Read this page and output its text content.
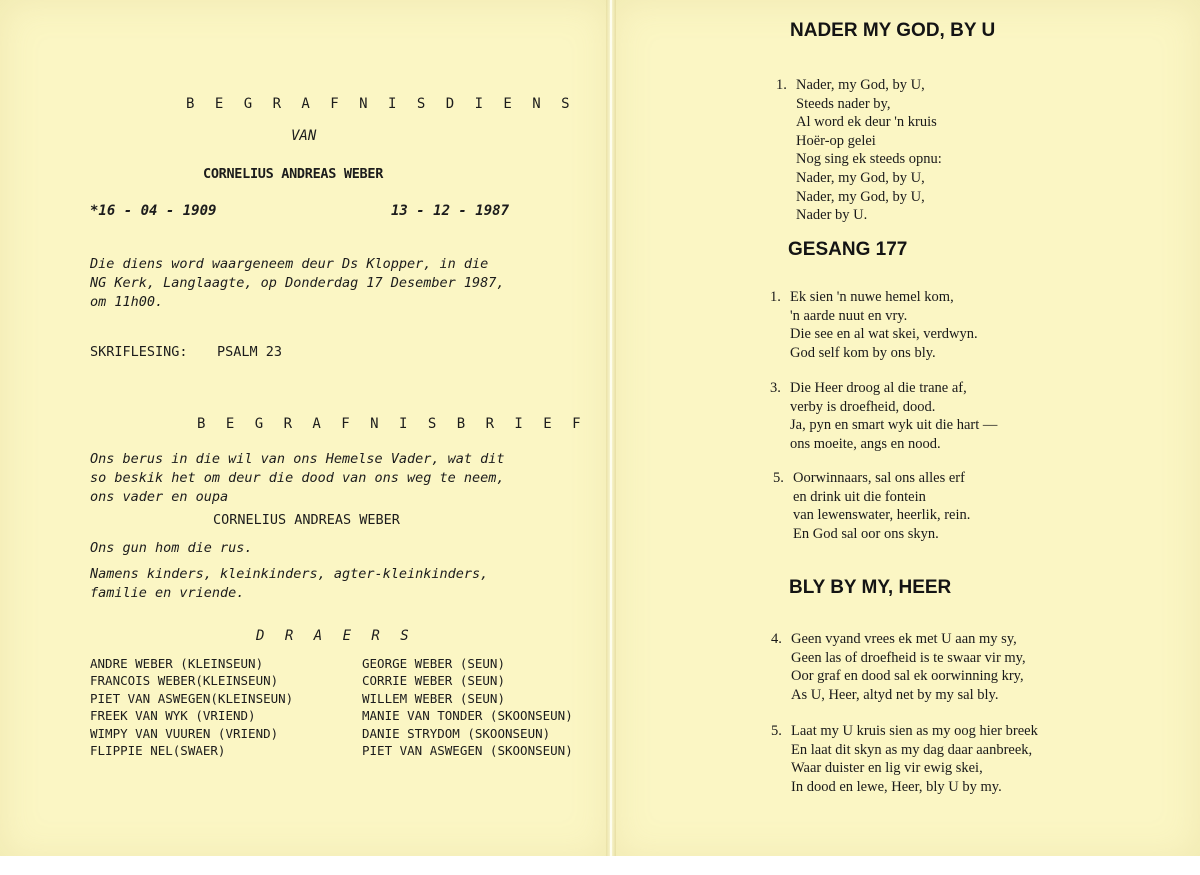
B E G R A F N I S D I E N S
VAN
CORNELIUS ANDREAS WEBER
*16 - 04 - 1909	13 - 12 - 1987
Die diens word waargeneem deur Ds Klopper, in die
NG Kerk, Langlaagte, op Donderdag 17 Desember 1987,
om 11h00.
SKRIFLESING: PSALM 23
B E G R A F N I S B R I E F
Ons berus in die wil van ons Hemelse Vader, wat dit
so beskik het om deur die dood van ons weg te neem,
ons vader en oupa
CORNELIUS ANDREAS WEBER
Ons gun hom die rus.
Namens kinders, kleinkinders, agter-kleinkinders,
familie en vriende.
D R A E R S
ANDRE WEBER (KLEINSEUN)
FRANCOIS WEBER(KLEINSEUN)
PIET VAN ASWEGEN(KLEINSEUN)
FREEK VAN WYK (VRIEND)
WIMPY VAN VUUREN (VRIEND)
FLIPPIE NEL(SWAER)
GEORGE WEBER (SEUN)
CORRIE WEBER (SEUN)
WILLEM WEBER (SEUN)
MANIE VAN TONDER (SKOONSEUN)
DANIE STRYDOM (SKOONSEUN)
PIET VAN ASWEGEN (SKOONSEUN)
NADER MY GOD, BY U
1. Nader, my God, by U,
Steeds nader by,
Al word ek deur 'n kruis
Hoër-op gelei
Nog sing ek steeds opnu:
Nader, my God, by U,
Nader, my God, by U,
Nader by U.
GESANG 177
1. Ek sien 'n nuwe hemel kom,
'n aarde nuut en vry.
Die see en al wat skei, verdwyn.
God self kom by ons bly.
3. Die Heer droog al die trane af,
verby is droefheid, dood.
Ja, pyn en smart wyk uit die hart —
ons moeite, angs en nood.
5. Oorwinnaars, sal ons alles erf
en drink uit die fontein
van lewenswater, heerlik, rein.
En God sal oor ons skyn.
BLY BY MY, HEER
4. Geen vyand vrees ek met U aan my sy,
Geen las of droefheid is te swaar vir my,
Oor graf en dood sal ek oorwinning kry,
As U, Heer, altyd net by my sal bly.
5. Laat my U kruis sien as my oog hier breek
En laat dit skyn as my dag daar aanbreek,
Waar duister en lig vir ewig skei,
In dood en lewe, Heer, bly U by my.
